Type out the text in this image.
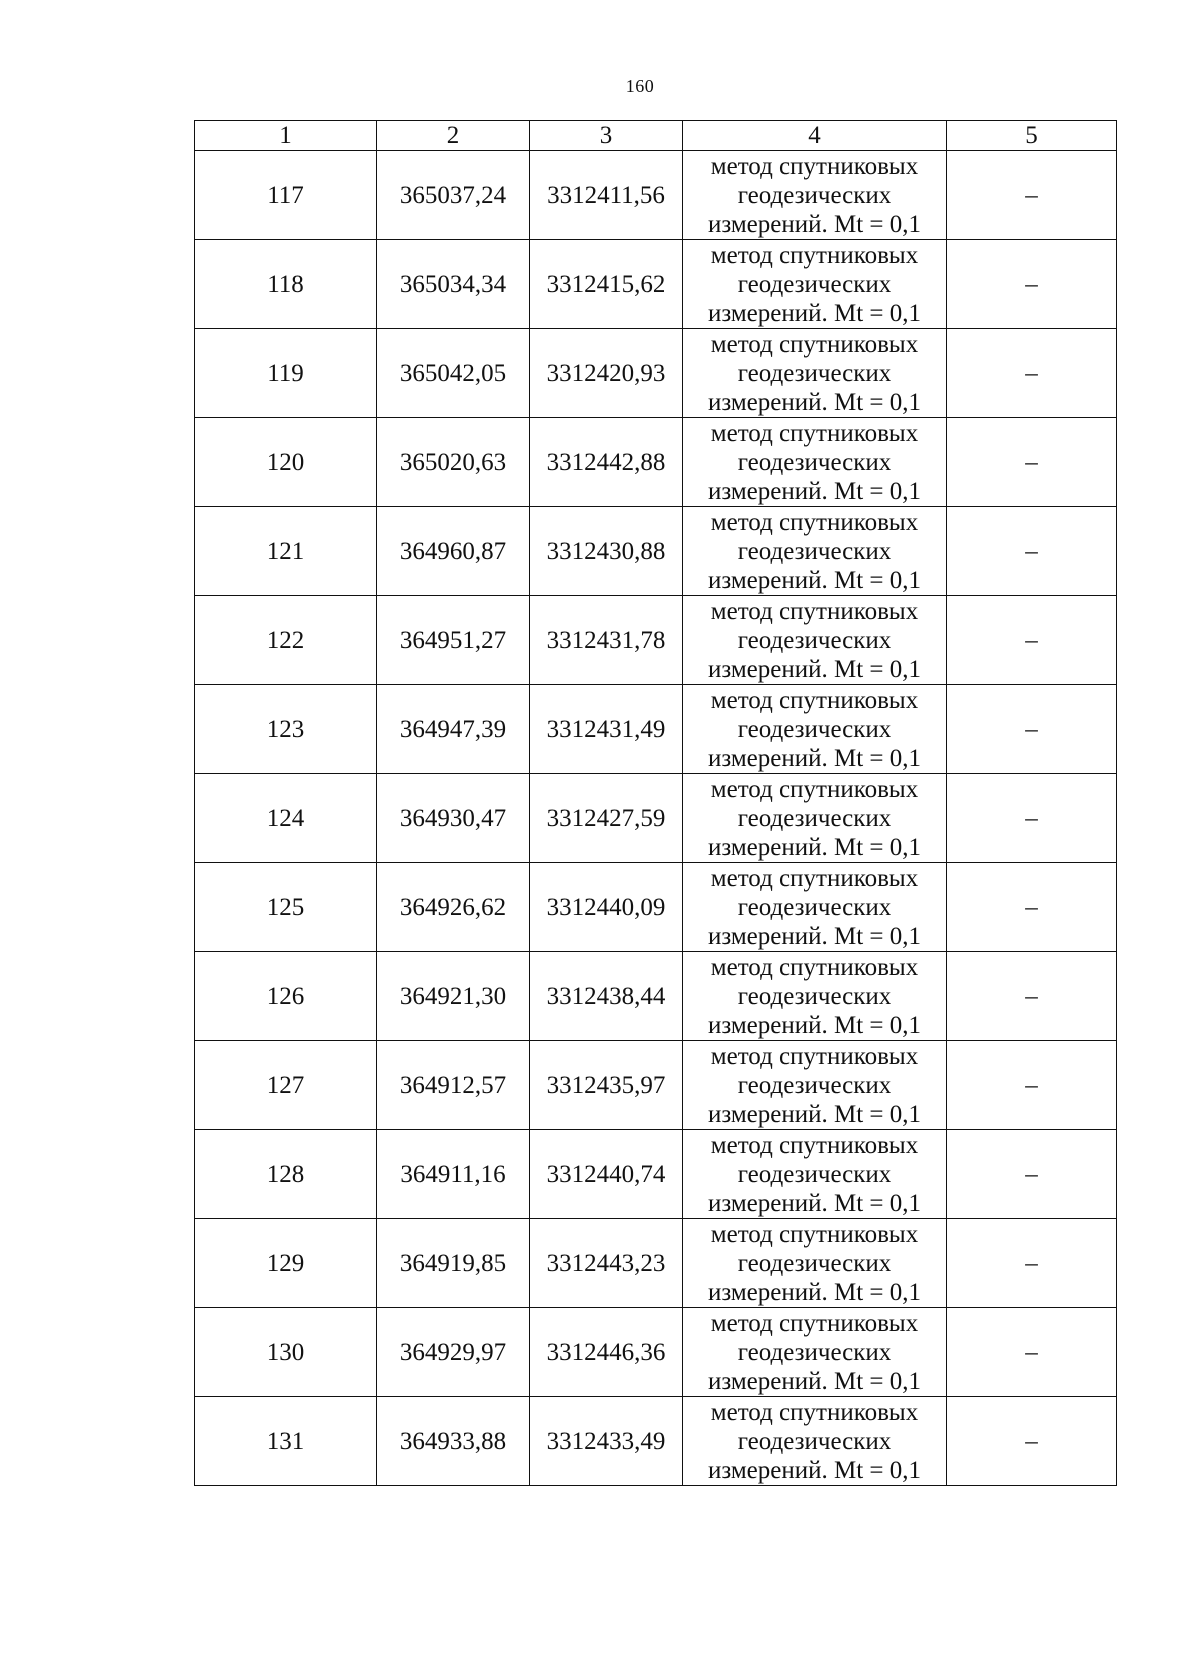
160
1	2	3	4	5
117	365037,24	3312411,56	метод спутниковых
геодезических
измерений. Mt = 0,1	–
118	365034,34	3312415,62	метод спутниковых
геодезических
измерений. Mt = 0,1	–
119	365042,05	3312420,93	метод спутниковых
геодезических
измерений. Mt = 0,1	–
120	365020,63	3312442,88	метод спутниковых
геодезических
измерений. Mt = 0,1	–
121	364960,87	3312430,88	метод спутниковых
геодезических
измерений. Mt = 0,1	–
122	364951,27	3312431,78	метод спутниковых
геодезических
измерений. Mt = 0,1	–
123	364947,39	3312431,49	метод спутниковых
геодезических
измерений. Mt = 0,1	–
124	364930,47	3312427,59	метод спутниковых
геодезических
измерений. Mt = 0,1	–
125	364926,62	3312440,09	метод спутниковых
геодезических
измерений. Mt = 0,1	–
126	364921,30	3312438,44	метод спутниковых
геодезических
измерений. Mt = 0,1	–
127	364912,57	3312435,97	метод спутниковых
геодезических
измерений. Mt = 0,1	–
128	364911,16	3312440,74	метод спутниковых
геодезических
измерений. Mt = 0,1	–
129	364919,85	3312443,23	метод спутниковых
геодезических
измерений. Mt = 0,1	–
130	364929,97	3312446,36	метод спутниковых
геодезических
измерений. Mt = 0,1	–
131	364933,88	3312433,49	метод спутниковых
геодезических
измерений. Mt = 0,1	–
